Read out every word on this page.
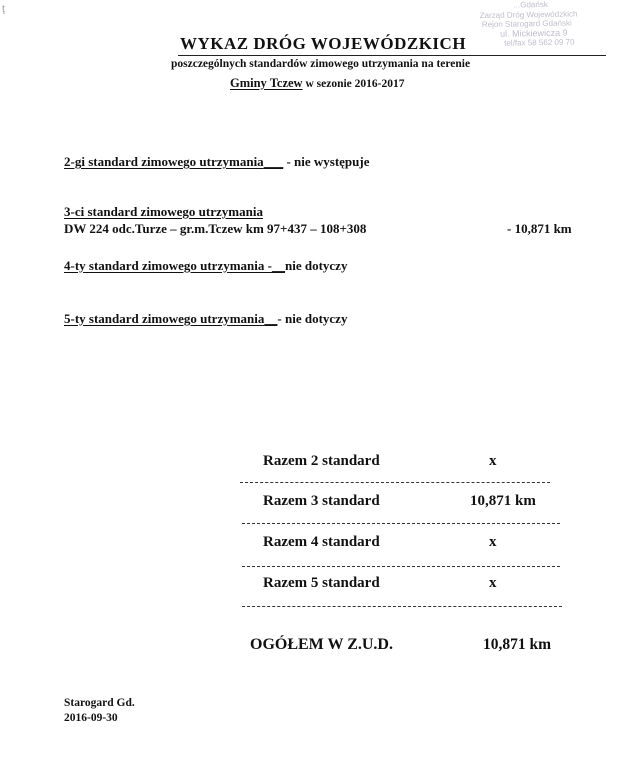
ţ	...Gdańsk
Zarząd Dróg Wojewódzkich
Rejon Starogard Gdański
ul. Mickiewicza 9
tel/fax 58 562 09 70
WYKAZ DRÓG WOJEWÓDZKICH
poszczególnych standardów zimowego utrzymania na terenie
Gminy Tczew w sezonie 2016-2017
2-gi standard zimowego utrzymania___ - nie występuje
3-ci standard zimowego utrzymania
DW 224 odc.Turze – gr.m.Tczew km 97+437 – 108+308	- 10,871 km
4-ty standard zimowego utrzymania -__nie dotyczy
5-ty standard zimowego utrzymania__- nie dotyczy
Razem 2 standard	x
Razem 3 standard	10,871 km
Razem 4 standard	x
Razem 5 standard	x
OGÓŁEM W Z.U.D.	10,871 km
Starogard Gd.
2016-09-30
